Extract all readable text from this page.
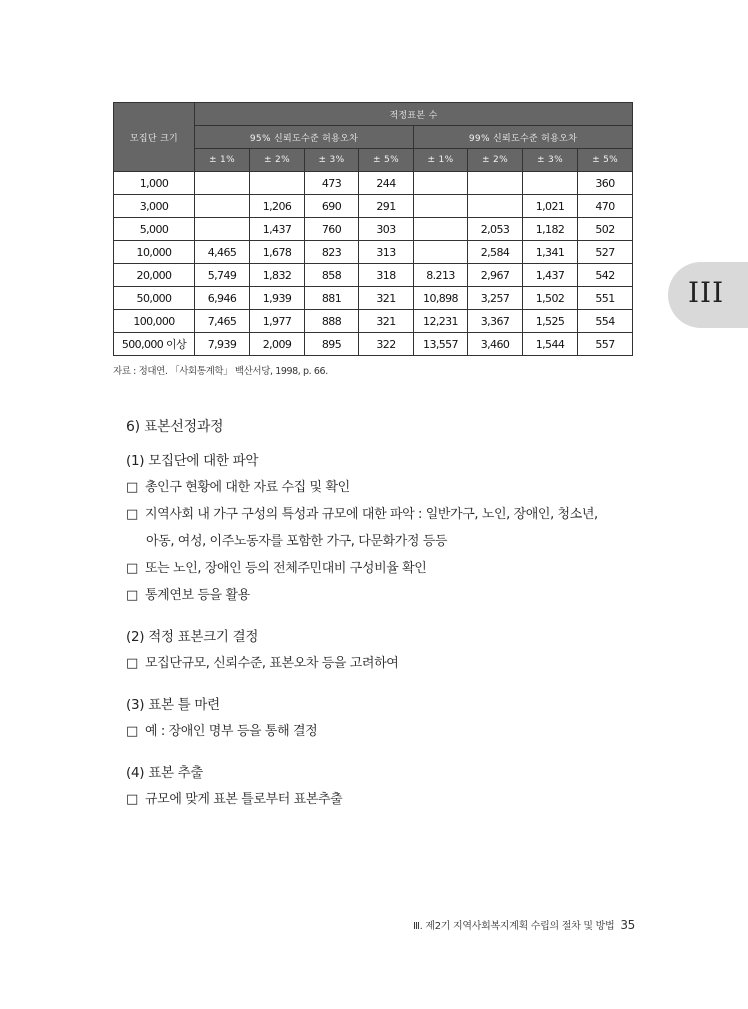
모집단 크기	적정표본 수							
	95% 신뢰도수준 허용오차				99% 신뢰도수준 허용오차			
	± 1%	± 2%	± 3%	± 5%	± 1%	± 2%	± 3%	± 5%
1,000			473	244				360
3,000		1,206	690	291			1,021	470
5,000		1,437	760	303		2,053	1,182	502
10,000	4,465	1,678	823	313		2,584	1,341	527
20,000	5,749	1,832	858	318	8.213	2,967	1,437	542
50,000	6,946	1,939	881	321	10,898	3,257	1,502	551
100,000	7,465	1,977	888	321	12,231	3,367	1,525	554
500,000 이상	7,939	2,009	895	322	13,557	3,460	1,544	557
자료 : 정대연. 「사회통계학」 백산서당, 1998, p. 66.

6) 표본선정과정

(1) 모집단에 대한 파악

□ 총인구 현황에 대한 자료 수집 및 확인
□ 지역사회 내 가구 구성의 특성과 규모에 대한 파악 : 일반가구, 노인, 장애인, 청소년,
아동, 여성, 이주노동자를 포함한 가구, 다문화가정 등등
□ 또는 노인, 장애인 등의 전체주민대비 구성비율 확인
□ 통계연보 등을 활용

(2) 적정 표본크기 결정

□ 모집단규모, 신뢰수준, 표본오차 등을 고려하여

(3) 표본 틀 마련

□ 예 : 장애인 명부 등을 통해 결정

(4) 표본 추출

□ 규모에 맞게 표본 틀로부터 표본추출
III
Ⅲ. 제2기 지역사회복지계획 수립의 절차 및 방법 35
